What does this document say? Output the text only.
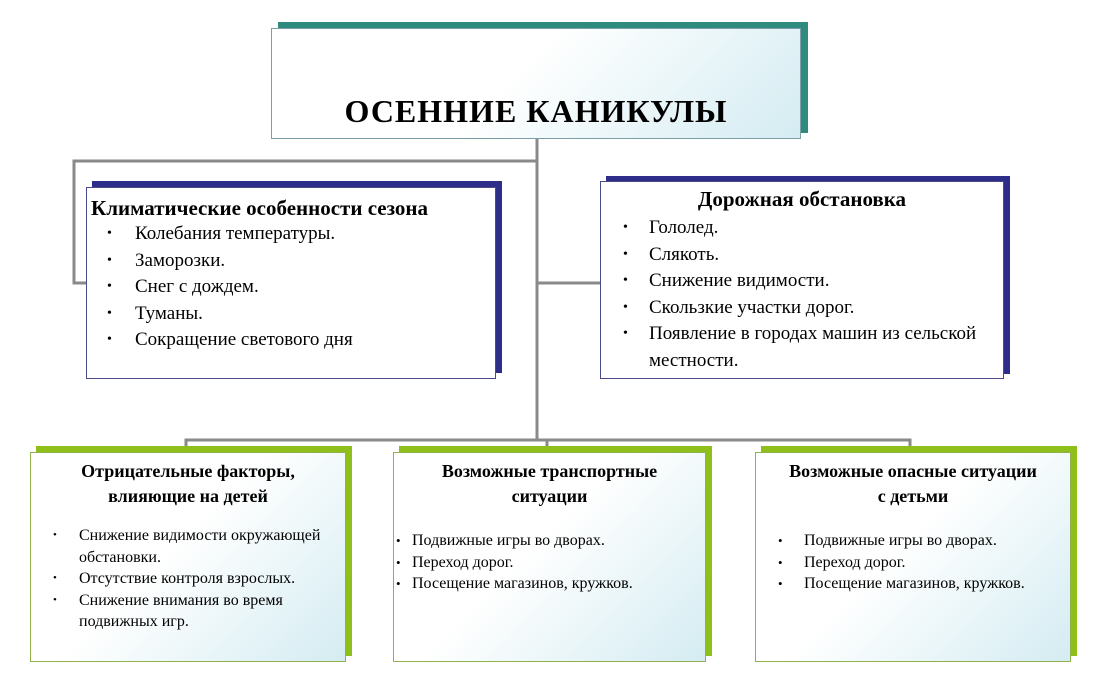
ОСЕННИЕ КАНИКУЛЫ
Климатические особенности сезона
• Колебания температуры.
• Заморозки.
• Снег с дождем.
• Туманы.
• Сокращение светового дня
Дорожная обстановка
• Гололед.
• Слякоть.
• Снижение видимости.
• Скользкие участки дорог.
• Появление в городах машин из сельской местности.
Отрицательные факторы,
влияющие на детей
• Снижение видимости окружающей обстановки.
• Отсутствие контроля взрослых.
• Снижение внимания во время подвижных игр.
Возможные транспортные
ситуации
• Подвижные игры во дворах.
• Переход дорог.
• Посещение магазинов, кружков.
Возможные опасные ситуации
с детьми
• Подвижные игры во дворах.
• Переход дорог.
• Посещение магазинов, кружков.
